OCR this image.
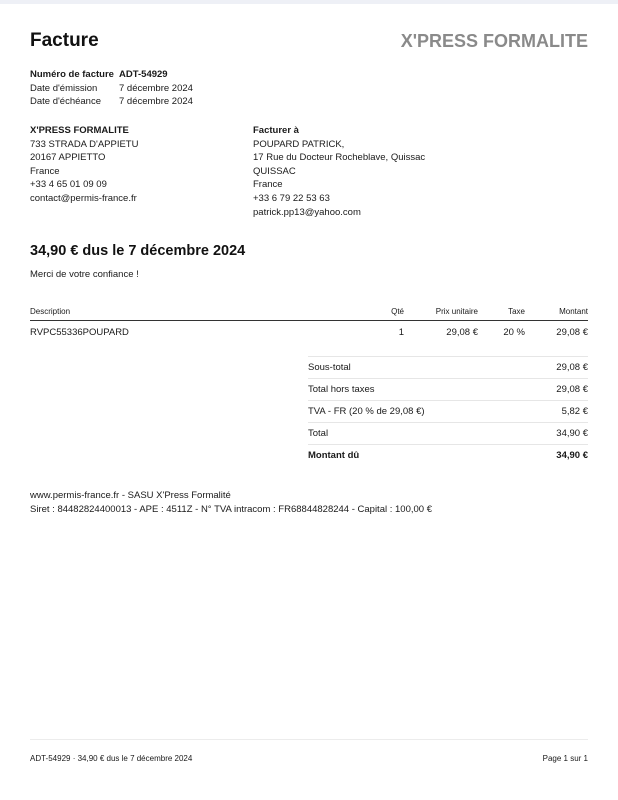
Facture	X'PRESS FORMALITE
Numéro de facture ADT-54929
Date d'émission	7 décembre 2024
Date d'échéance	7 décembre 2024
X'PRESS FORMALITE
733 STRADA D'APPIETU
20167 APPIETTO
France
+33 4 65 01 09 09
contact@permis-france.fr
Facturer à
POUPARD PATRICK,
17 Rue du Docteur Rocheblave, Quissac
QUISSAC
France
+33 6 79 22 53 63
patrick.pp13@yahoo.com
34,90 € dus le 7 décembre 2024
Merci de votre confiance !
Description	Qté	Prix unitaire	Taxe	Montant
RVPC55336POUPARD	1	29,08 €	20 %	29,08 €
Sous-total	29,08 €
Total hors taxes	29,08 €
TVA - FR (20 % de 29,08 €)	5,82 €
Total	34,90 €
Montant dû	34,90 €
www.permis-france.fr - SASU X'Press Formalité
Siret : 84482824400013 - APE : 4511Z - N° TVA intracom : FR68844828244 - Capital : 100,00 €
ADT-54929 · 34,90 € dus le 7 décembre 2024	Page 1 sur 1
